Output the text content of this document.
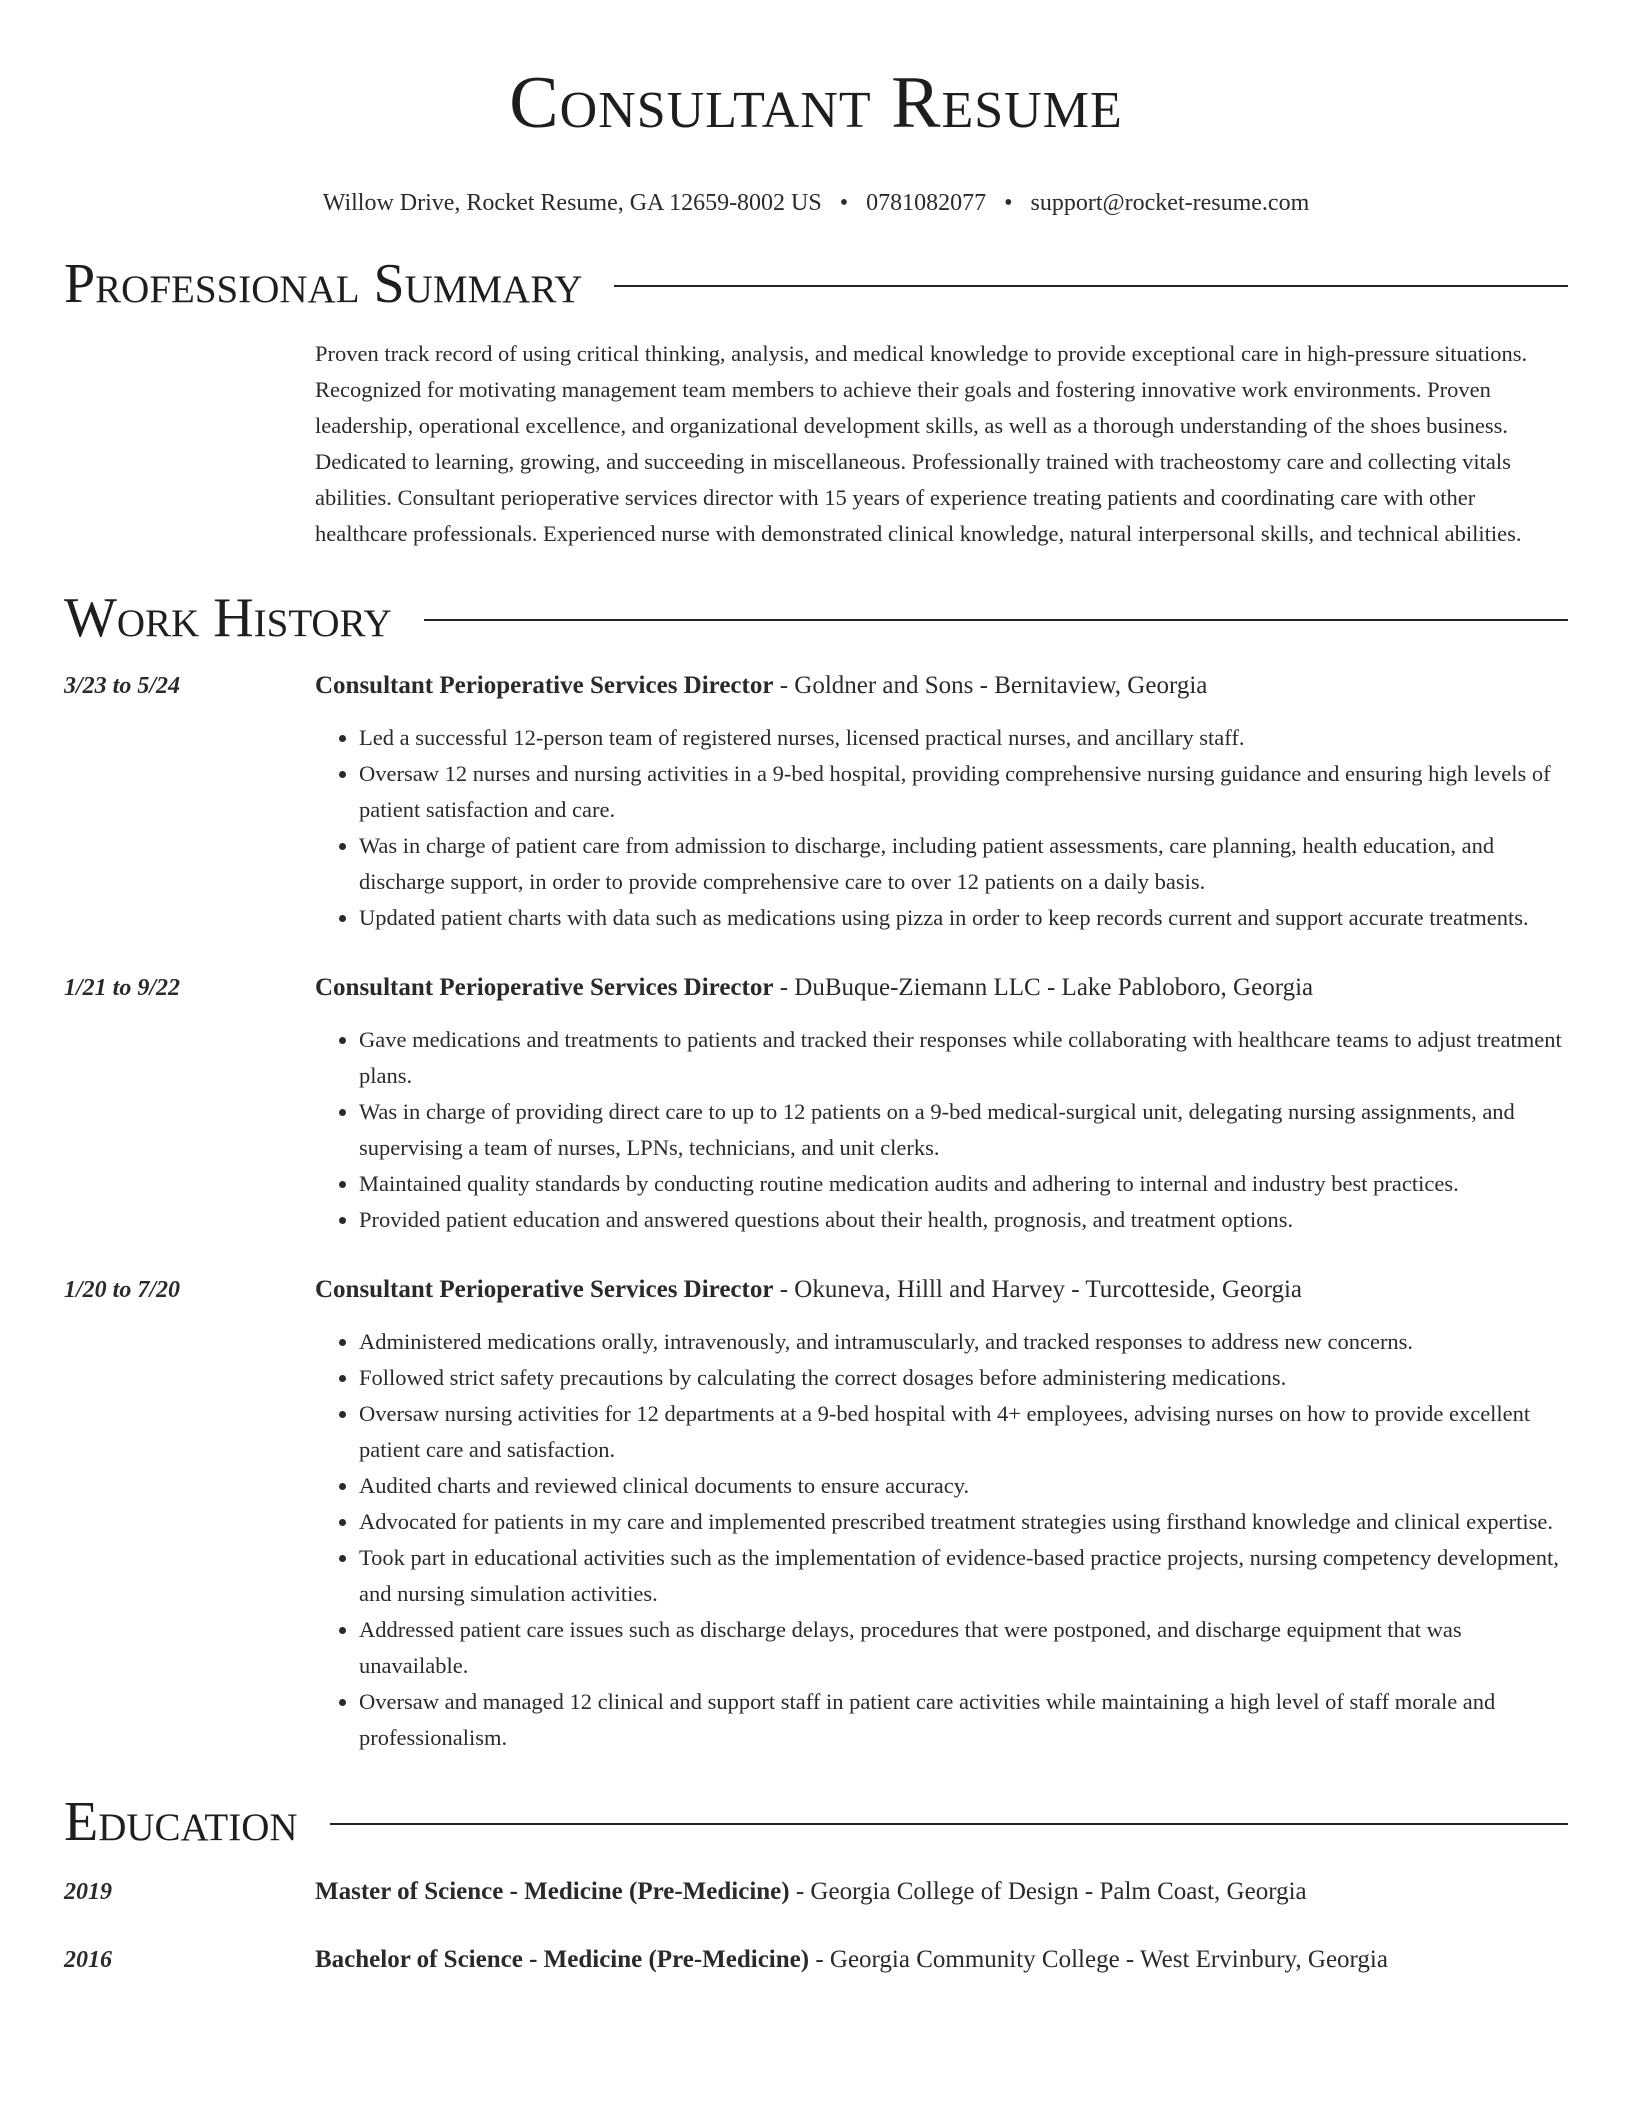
Consultant Resume
Willow Drive, Rocket Resume, GA 12659-8002 US • 0781082077 • support@rocket-resume.com
Professional Summary
Proven track record of using critical thinking, analysis, and medical knowledge to provide exceptional care in high-pressure situations. Recognized for motivating management team members to achieve their goals and fostering innovative work environments. Proven leadership, operational excellence, and organizational development skills, as well as a thorough understanding of the shoes business. Dedicated to learning, growing, and succeeding in miscellaneous. Professionally trained with tracheostomy care and collecting vitals abilities. Consultant perioperative services director with 15 years of experience treating patients and coordinating care with other healthcare professionals. Experienced nurse with demonstrated clinical knowledge, natural interpersonal skills, and technical abilities.
Work History
3/23 to 5/24	Consultant Perioperative Services Director - Goldner and Sons - Bernitaview, Georgia
• Led a successful 12-person team of registered nurses, licensed practical nurses, and ancillary staff.
• Oversaw 12 nurses and nursing activities in a 9-bed hospital, providing comprehensive nursing guidance and ensuring high levels of patient satisfaction and care.
• Was in charge of patient care from admission to discharge, including patient assessments, care planning, health education, and discharge support, in order to provide comprehensive care to over 12 patients on a daily basis.
• Updated patient charts with data such as medications using pizza in order to keep records current and support accurate treatments.
1/21 to 9/22	Consultant Perioperative Services Director - DuBuque-Ziemann LLC - Lake Pabloboro, Georgia
• Gave medications and treatments to patients and tracked their responses while collaborating with healthcare teams to adjust treatment plans.
• Was in charge of providing direct care to up to 12 patients on a 9-bed medical-surgical unit, delegating nursing assignments, and supervising a team of nurses, LPNs, technicians, and unit clerks.
• Maintained quality standards by conducting routine medication audits and adhering to internal and industry best practices.
• Provided patient education and answered questions about their health, prognosis, and treatment options.
1/20 to 7/20	Consultant Perioperative Services Director - Okuneva, Hilll and Harvey - Turcotteside, Georgia
• Administered medications orally, intravenously, and intramuscularly, and tracked responses to address new concerns.
• Followed strict safety precautions by calculating the correct dosages before administering medications.
• Oversaw nursing activities for 12 departments at a 9-bed hospital with 4+ employees, advising nurses on how to provide excellent patient care and satisfaction.
• Audited charts and reviewed clinical documents to ensure accuracy.
• Advocated for patients in my care and implemented prescribed treatment strategies using firsthand knowledge and clinical expertise.
• Took part in educational activities such as the implementation of evidence-based practice projects, nursing competency development, and nursing simulation activities.
• Addressed patient care issues such as discharge delays, procedures that were postponed, and discharge equipment that was unavailable.
• Oversaw and managed 12 clinical and support staff in patient care activities while maintaining a high level of staff morale and professionalism.
Education
2019	Master of Science - Medicine (Pre-Medicine) - Georgia College of Design - Palm Coast, Georgia
2016	Bachelor of Science - Medicine (Pre-Medicine) - Georgia Community College - West Ervinbury, Georgia
